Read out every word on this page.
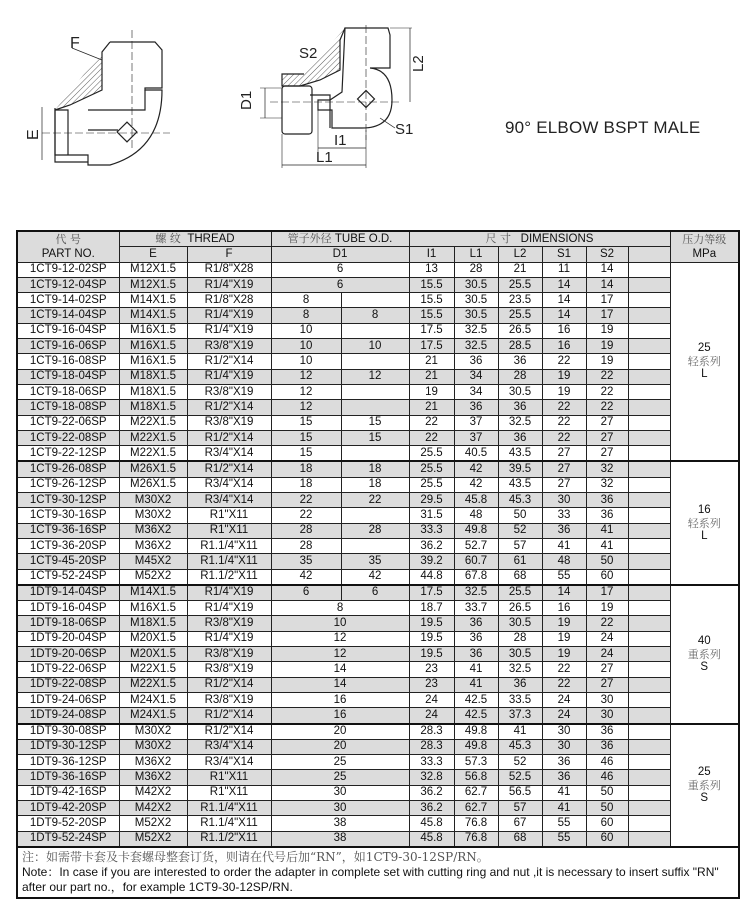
F
E
S2
D1
L2
S1
I1
L1
90° ELBOW BSPT MALE
代 号
PART NO.	螺 纹 THREAD		管子外径 TUBE O.D.		尺 寸 DIMENSIONS						压力等级
MPa

	E	F	D1		I1	L1	L2	S1	S2		
1CT9-12-02SP	M12X1.5	R1/8"X28	6		13	28	21	11	14		25
轻系列
L

1CT9-12-04SP	M12X1.5	R1/4"X19	6		15.5	30.5	25.5	14	14		
1CT9-14-02SP	M14X1.5	R1/8"X28	8		15.5	30.5	23.5	14	17		
1CT9-14-04SP	M14X1.5	R1/4"X19	8	8	15.5	30.5	25.5	14	17		
1CT9-16-04SP	M16X1.5	R1/4"X19	10		17.5	32.5	26.5	16	19		
1CT9-16-06SP	M16X1.5	R3/8"X19	10	10	17.5	32.5	28.5	16	19		
1CT9-16-08SP	M16X1.5	R1/2"X14	10		21	36	36	22	19		
1CT9-18-04SP	M18X1.5	R1/4"X19	12	12	21	34	28	19	22		
1CT9-18-06SP	M18X1.5	R3/8"X19	12		19	34	30.5	19	22		
1CT9-18-08SP	M18X1.5	R1/2"X14	12		21	36	36	22	22		
1CT9-22-06SP	M22X1.5	R3/8"X19	15	15	22	37	32.5	22	27		
1CT9-22-08SP	M22X1.5	R1/2"X14	15	15	22	37	36	22	27		
1CT9-22-12SP	M22X1.5	R3/4"X14	15		25.5	40.5	43.5	27	27		
1CT9-26-08SP	M26X1.5	R1/2"X14	18	18	25.5	42	39.5	27	32		16
轻系列
L

1CT9-26-12SP	M26X1.5	R3/4"X14	18	18	25.5	42	43.5	27	32		
1CT9-30-12SP	M30X2	R3/4"X14	22	22	29.5	45.8	45.3	30	36		
1CT9-30-16SP	M30X2	R1"X11	22		31.5	48	50	33	36		
1CT9-36-16SP	M36X2	R1"X11	28	28	33.3	49.8	52	36	41		
1CT9-36-20SP	M36X2	R1.1/4"X11	28		36.2	52.7	57	41	41		
1CT9-45-20SP	M45X2	R1.1/4"X11	35	35	39.2	60.7	61	48	50		
1CT9-52-24SP	M52X2	R1.1/2"X11	42	42	44.8	67.8	68	55	60		
1DT9-14-04SP	M14X1.5	R1/4"X19	6	6	17.5	32.5	25.5	14	17		40
重系列
S

1DT9-16-04SP	M16X1.5	R1/4"X19	8		18.7	33.7	26.5	16	19		
1DT9-18-06SP	M18X1.5	R3/8"X19	10		19.5	36	30.5	19	22		
1DT9-20-04SP	M20X1.5	R1/4"X19	12		19.5	36	28	19	24		
1DT9-20-06SP	M20X1.5	R3/8"X19	12		19.5	36	30.5	19	24		
1DT9-22-06SP	M22X1.5	R3/8"X19	14		23	41	32.5	22	27		
1DT9-22-08SP	M22X1.5	R1/2"X14	14		23	41	36	22	27		
1DT9-24-06SP	M24X1.5	R3/8"X19	16		24	42.5	33.5	24	30		
1DT9-24-08SP	M24X1.5	R1/2"X14	16		24	42.5	37.3	24	30		
1DT9-30-08SP	M30X2	R1/2"X14	20		28.3	49.8	41	30	36		25
重系列
S

1DT9-30-12SP	M30X2	R3/4"X14	20		28.3	49.8	45.3	30	36		
1DT9-36-12SP	M36X2	R3/4"X14	25		33.3	57.3	52	36	46		
1DT9-36-16SP	M36X2	R1"X11	25		32.8	56.8	52.5	36	46		
1DT9-42-16SP	M42X2	R1"X11	30		36.2	62.7	56.5	41	50		
1DT9-42-20SP	M42X2	R1.1/4"X11	30		36.2	62.7	57	41	50		
1DT9-52-20SP	M52X2	R1.1/4"X11	38		45.8	76.8	67	55	60		
1DT9-52-24SP	M52X2	R1.1/2"X11	38		45.8	76.8	68	55	60		

注：如需带卡套及卡套螺母整套订货，则请在代号后加“RN”，如1CT9-30-12SP/RN。
Note：In case if you are interested to order the adapter in complete set with cutting ring and nut ,it is necessary to insert suffix "RN" after our part no.，for example 1CT9-30-12SP/RN.											
